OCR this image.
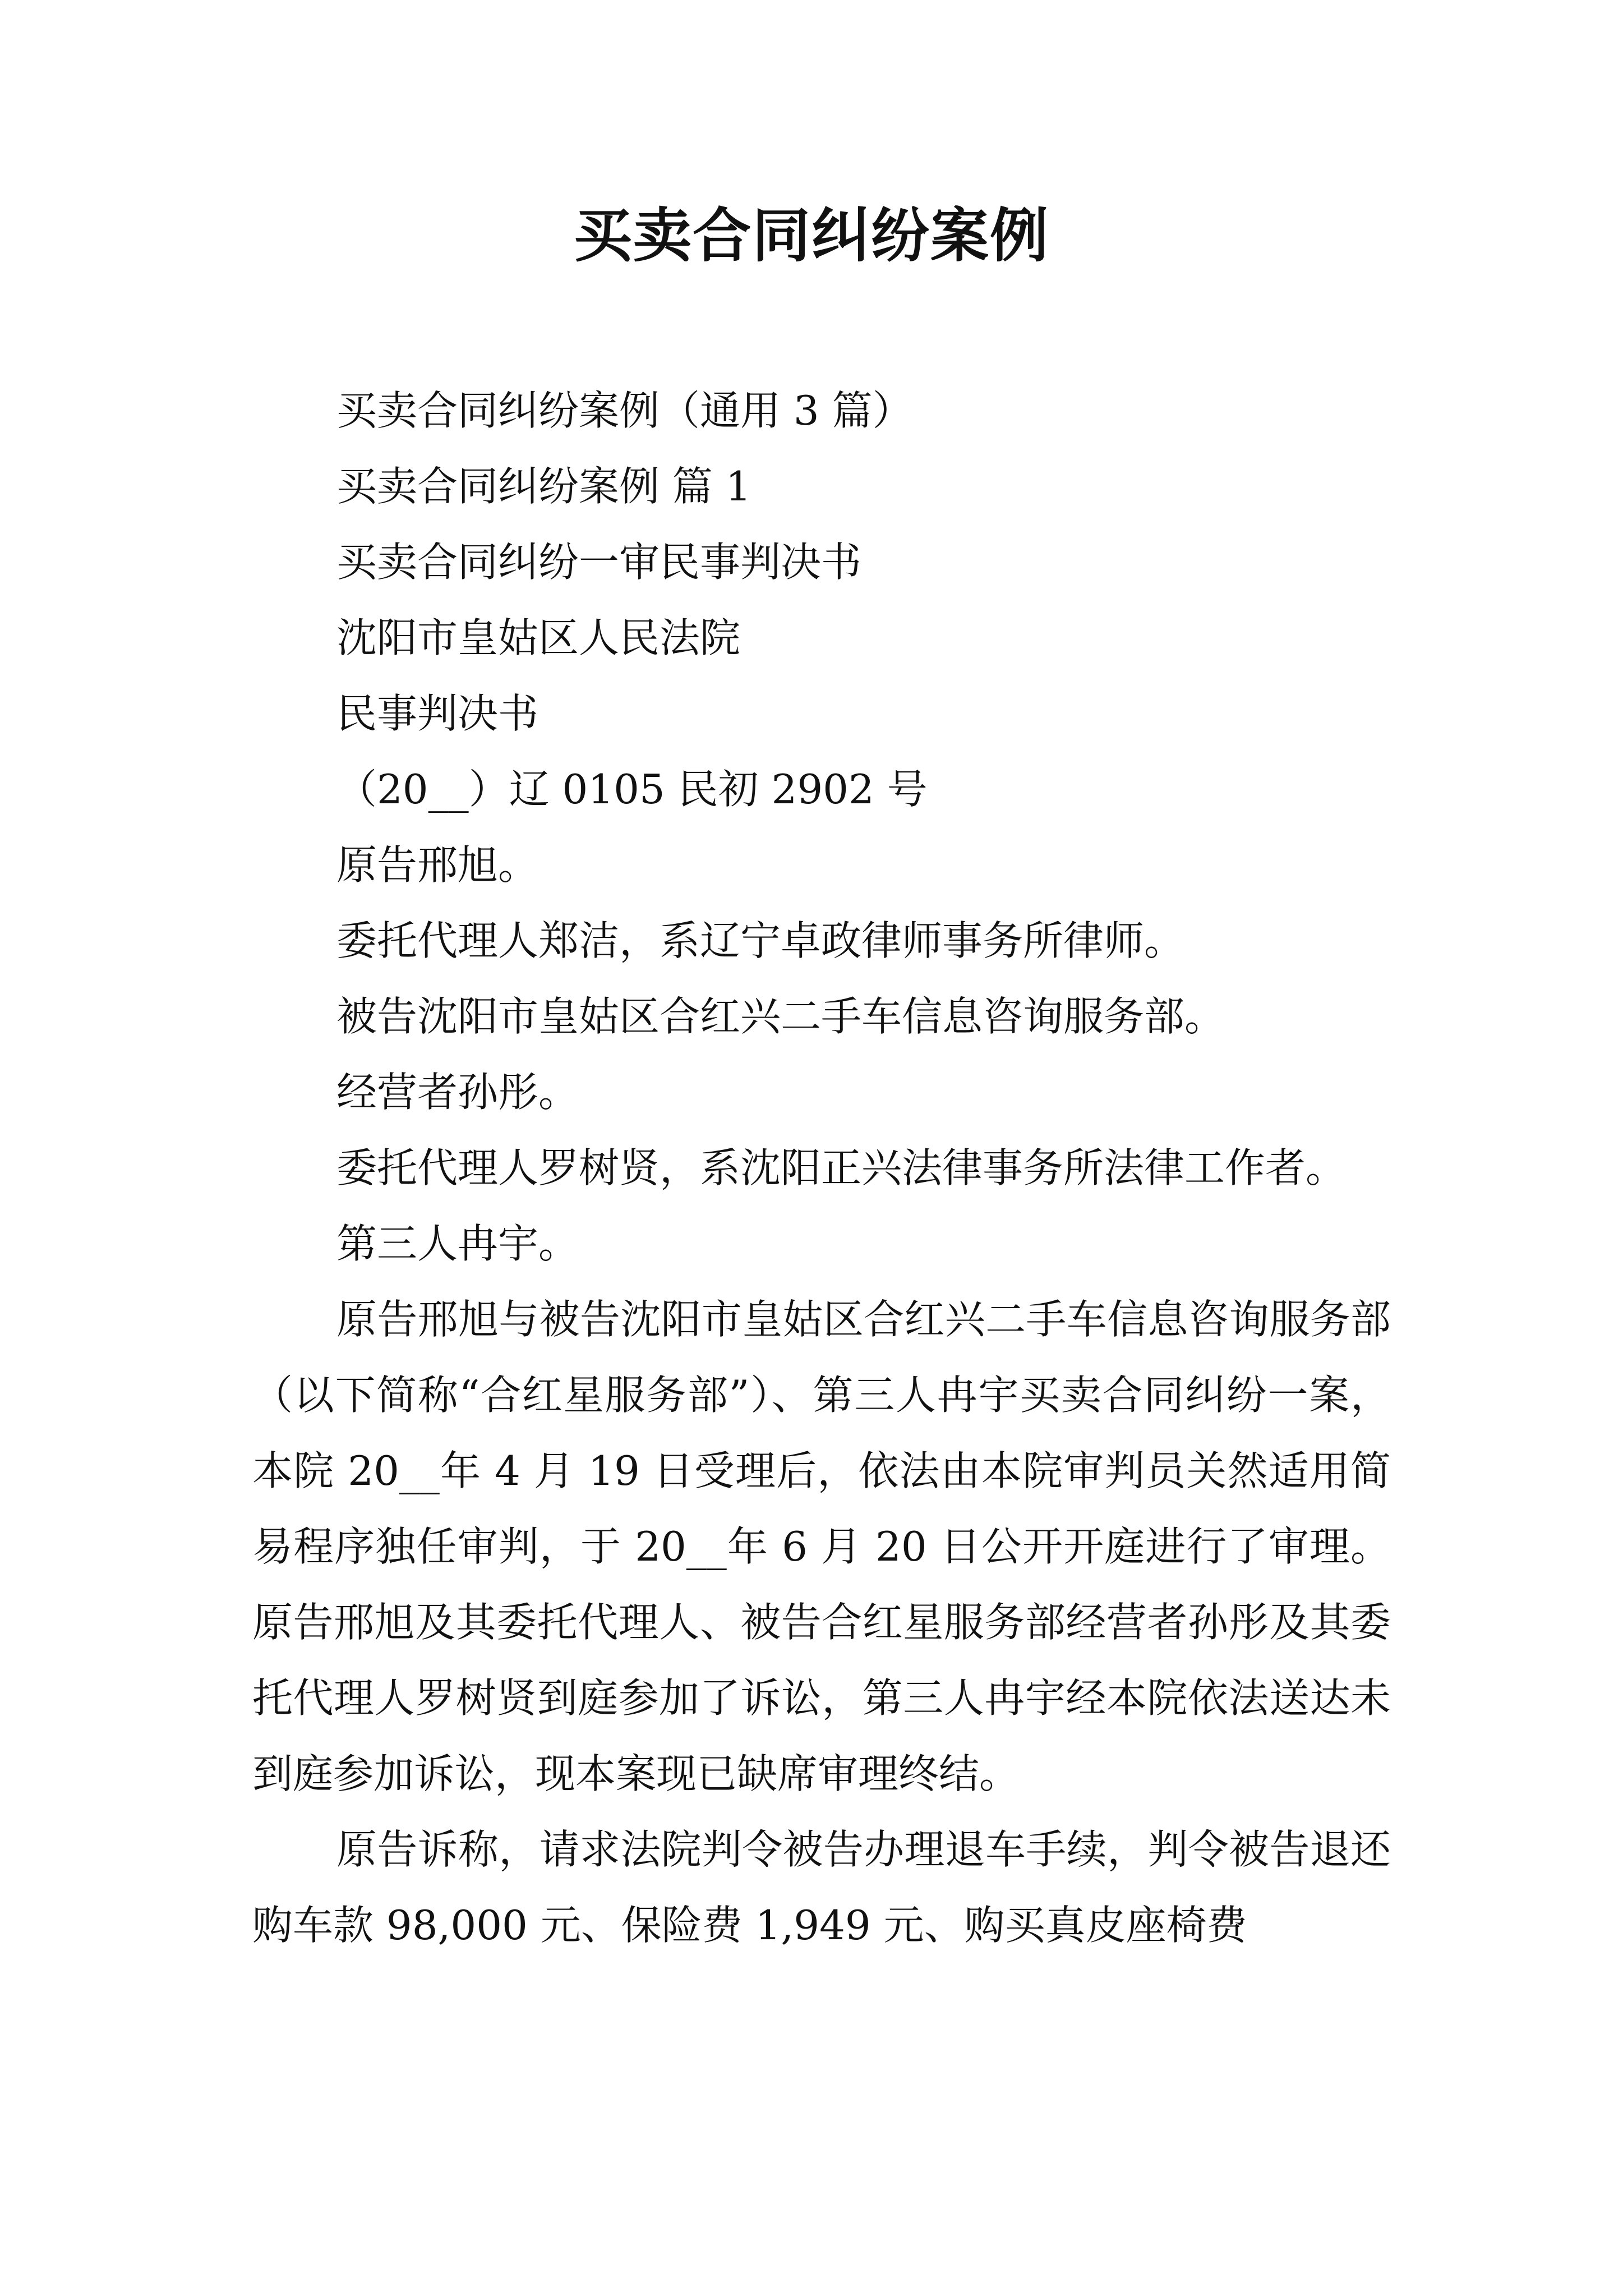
买卖合同纠纷案例
买卖合同纠纷案例（通用 3 篇）
买卖合同纠纷案例 篇 1
买卖合同纠纷一审民事判决书
沈阳市皇姑区人民法院
民事判决书
（20__）辽 0105 民初 2902 号
原告邢旭。
委托代理人郑洁，系辽宁卓政律师事务所律师。
被告沈阳市皇姑区合红兴二手车信息咨询服务部。
经营者孙彤。
委托代理人罗树贤，系沈阳正兴法律事务所法律工作者。
第三人冉宇。

原告邢旭与被告沈阳市皇姑区合红兴二手车信息咨询服务部（以下简称“合红星服务部”）、第三人冉宇买卖合同纠纷一案，本院 20__年 4 月 19 日受理后，依法由本院审判员关然适用简易程序独任审判，于 20__年 6 月 20 日公开开庭进行了审理。原告邢旭及其委托代理人、被告合红星服务部经营者孙彤及其委托代理人罗树贤到庭参加了诉讼，第三人冉宇经本院依法送达未到庭参加诉讼，现本案现已缺席审理终结。

原告诉称，请求法院判令被告办理退车手续，判令被告退还购车款 98,000 元、保险费 1,949 元、购买真皮座椅费
